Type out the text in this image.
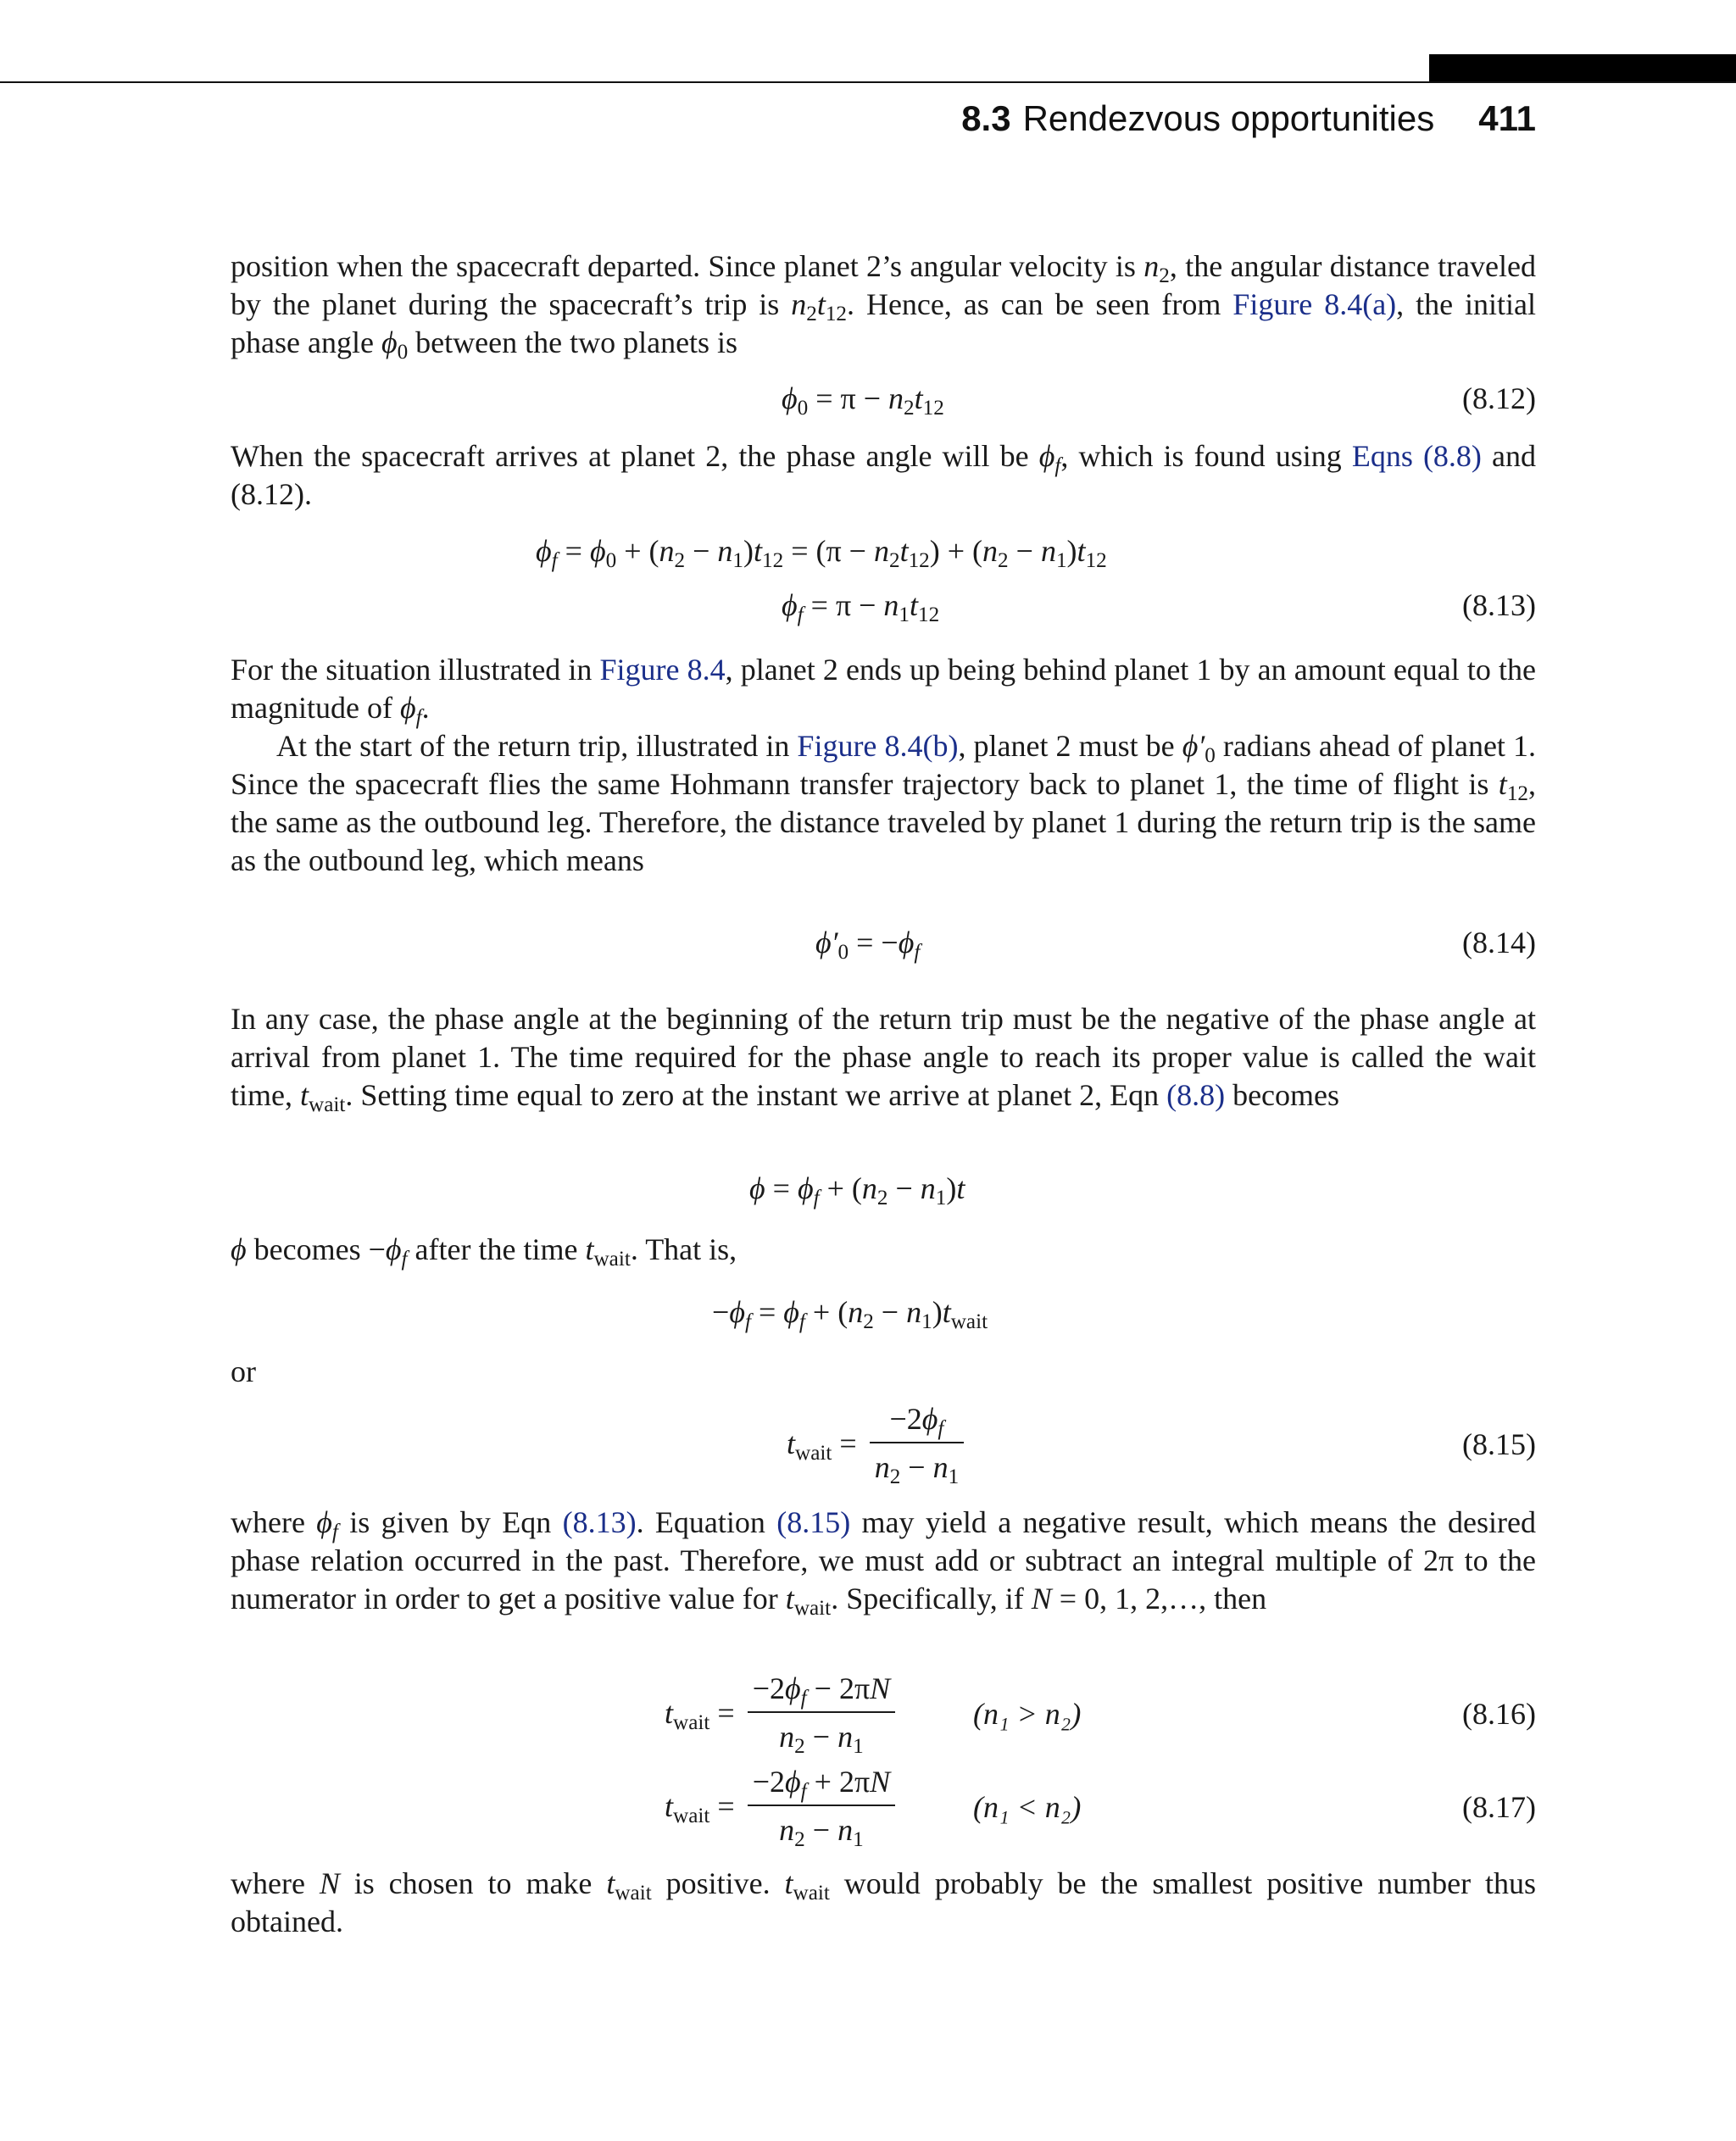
8.3 Rendezvous opportunities 411
position when the spacecraft departed. Since planet 2’s angular velocity is $n_2$, the angular distance traveled by the planet during the spacecraft’s trip is $n_2t_{12}$. Hence, as can be seen from Figure 8.4(a), the initial phase angle $\phi_0$ between the two planets is
$\phi_0 = \pi - n_2t_{12}$	(8.12)
When the spacecraft arrives at planet 2, the phase angle will be $\phi_f$, which is found using Eqns (8.8) and (8.12).
$\phi_f = \phi_0 + (n_2 - n_1)t_{12} = (\pi - n_2t_{12}) + (n_2 - n_1)t_{12}$
$\phi_f = \pi - n_1t_{12}$	(8.13)
For the situation illustrated in Figure 8.4, planet 2 ends up being behind planet 1 by an amount equal to the magnitude of $\phi_f$.
At the start of the return trip, illustrated in Figure 8.4(b), planet 2 must be $\phi'_0$ radians ahead of planet 1. Since the spacecraft flies the same Hohmann transfer trajectory back to planet 1, the time of flight is $t_{12}$, the same as the outbound leg. Therefore, the distance traveled by planet 1 during the return trip is the same as the outbound leg, which means
$\phi'_0 = -\phi_f$	(8.14)
In any case, the phase angle at the beginning of the return trip must be the negative of the phase angle at arrival from planet 1. The time required for the phase angle to reach its proper value is called the wait time, $t_{wait}$. Setting time equal to zero at the instant we arrive at planet 2, Eqn (8.8) becomes
$\phi = \phi_f + (n_2 - n_1)t$
ϕ becomes $-\phi_f$ after the time $t_{wait}$. That is,
$-\phi_f = \phi_f + (n_2 - n_1)t_{wait}$
or
$t_{wait} = \frac{-2\phi_f}{n_2 - n_1}$	(8.15)
where $\phi_f$ is given by Eqn (8.13). Equation (8.15) may yield a negative result, which means the desired phase relation occurred in the past. Therefore, we must add or subtract an integral multiple of 2π to the numerator in order to get a positive value for $t_{wait}$. Specifically, if N = 0, 1, 2,…, then
$t_{wait} = \frac{-2\phi_f - 2\pi N}{n_2 - n_1}$	(n₁ > n₂)	(8.16)
$t_{wait} = \frac{-2\phi_f + 2\pi N}{n_2 - n_1}$	(n₁ < n₂)	(8.17)
where N is chosen to make $t_{wait}$ positive. $t_{wait}$ would probably be the smallest positive number thus obtained.
